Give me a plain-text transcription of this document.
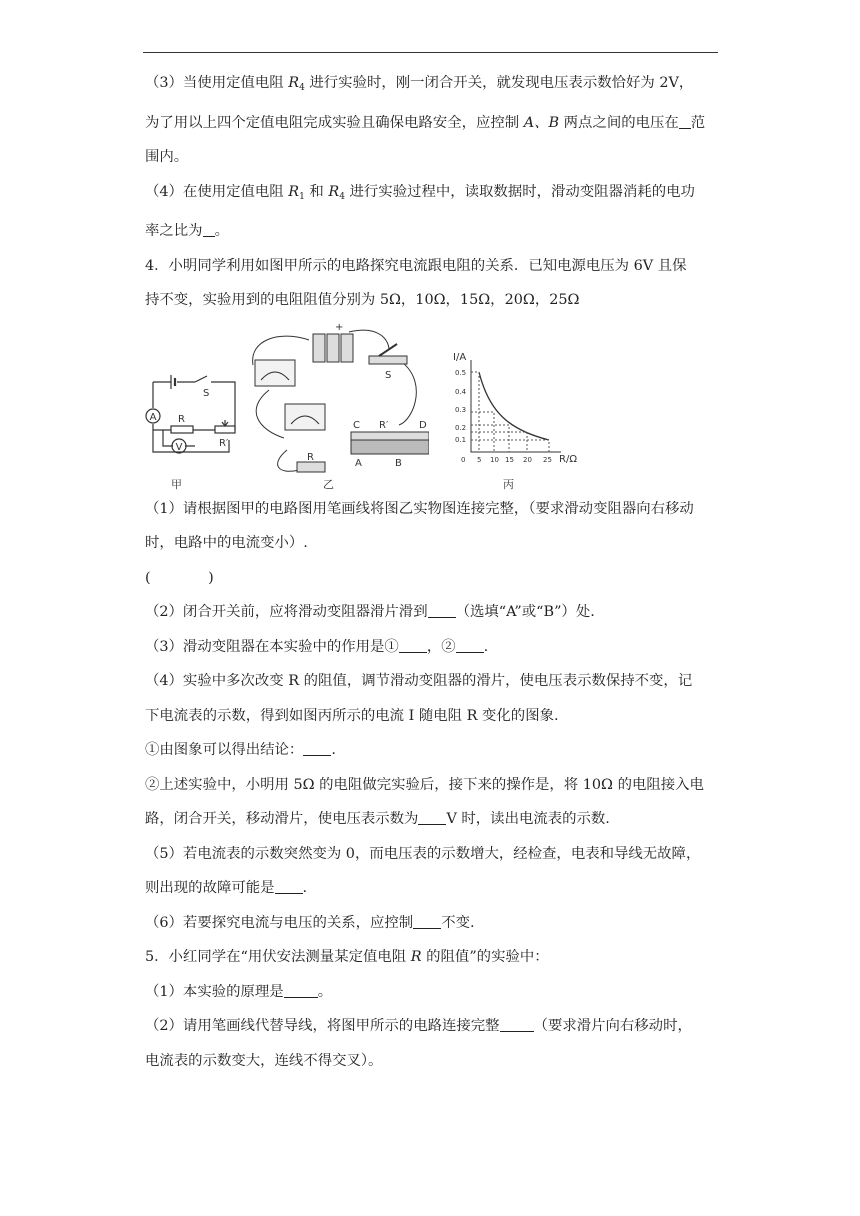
（3）当使用定值电阻 $R_4$ 进行实验时，刚一闭合开关，就发现电压表示数恰好为 2V，

为了用以上四个定值电阻完成实验且确保电路安全，应控制 A、B 两点之间的电压在 范

围内。

（4）在使用定值电阻 $R_1$ 和 $R_4$ 进行实验过程中，读取数据时，滑动变阻器消耗的电功

率之比为 。

4．小明同学利用如图甲所示的电路探究电流跟电阻的关系．已知电源电压为 6V 且保

持不变，实验用到的电阻阻值分别为 5Ω，10Ω，15Ω，20Ω，25Ω

A
V
R
R′
S
+
S
C R′	D
A	B
R
I/A
R/Ω
0.5
0.4
0.3
0.2
0.1
0 5 10 15 20 25
甲	乙	丙

（1）请根据图甲的电路图用笔画线将图乙实物图连接完整，（要求滑动变阻器向右移动

时，电路中的电流变小）.

(　　　　)

（2）闭合开关前，应将滑动变阻器滑片滑到 （选填“A”或“B”）处.

（3）滑动变阻器在本实验中的作用是① ，② .

（4）实验中多次改变 R 的阻值，调节滑动变阻器的滑片，使电压表示数保持不变，记

下电流表的示数，得到如图丙所示的电流 I 随电阻 R 变化的图象.

①由图象可以得出结论： .

②上述实验中，小明用 5Ω 的电阻做完实验后，接下来的操作是，将 10Ω 的电阻接入电

路，闭合开关，移动滑片，使电压表示数为 V 时，读出电流表的示数.

（5）若电流表的示数突然变为 0，而电压表的示数增大，经检查，电表和导线无故障，

则出现的故障可能是 .

（6）若要探究电流与电压的关系，应控制 不变.

5．小红同学在“用伏安法测量某定值电阻 R 的阻值”的实验中：

（1）本实验的原理是 。

（2）请用笔画线代替导线，将图甲所示的电路连接完整 （要求滑片向右移动时，

电流表的示数变大，连线不得交叉）。
